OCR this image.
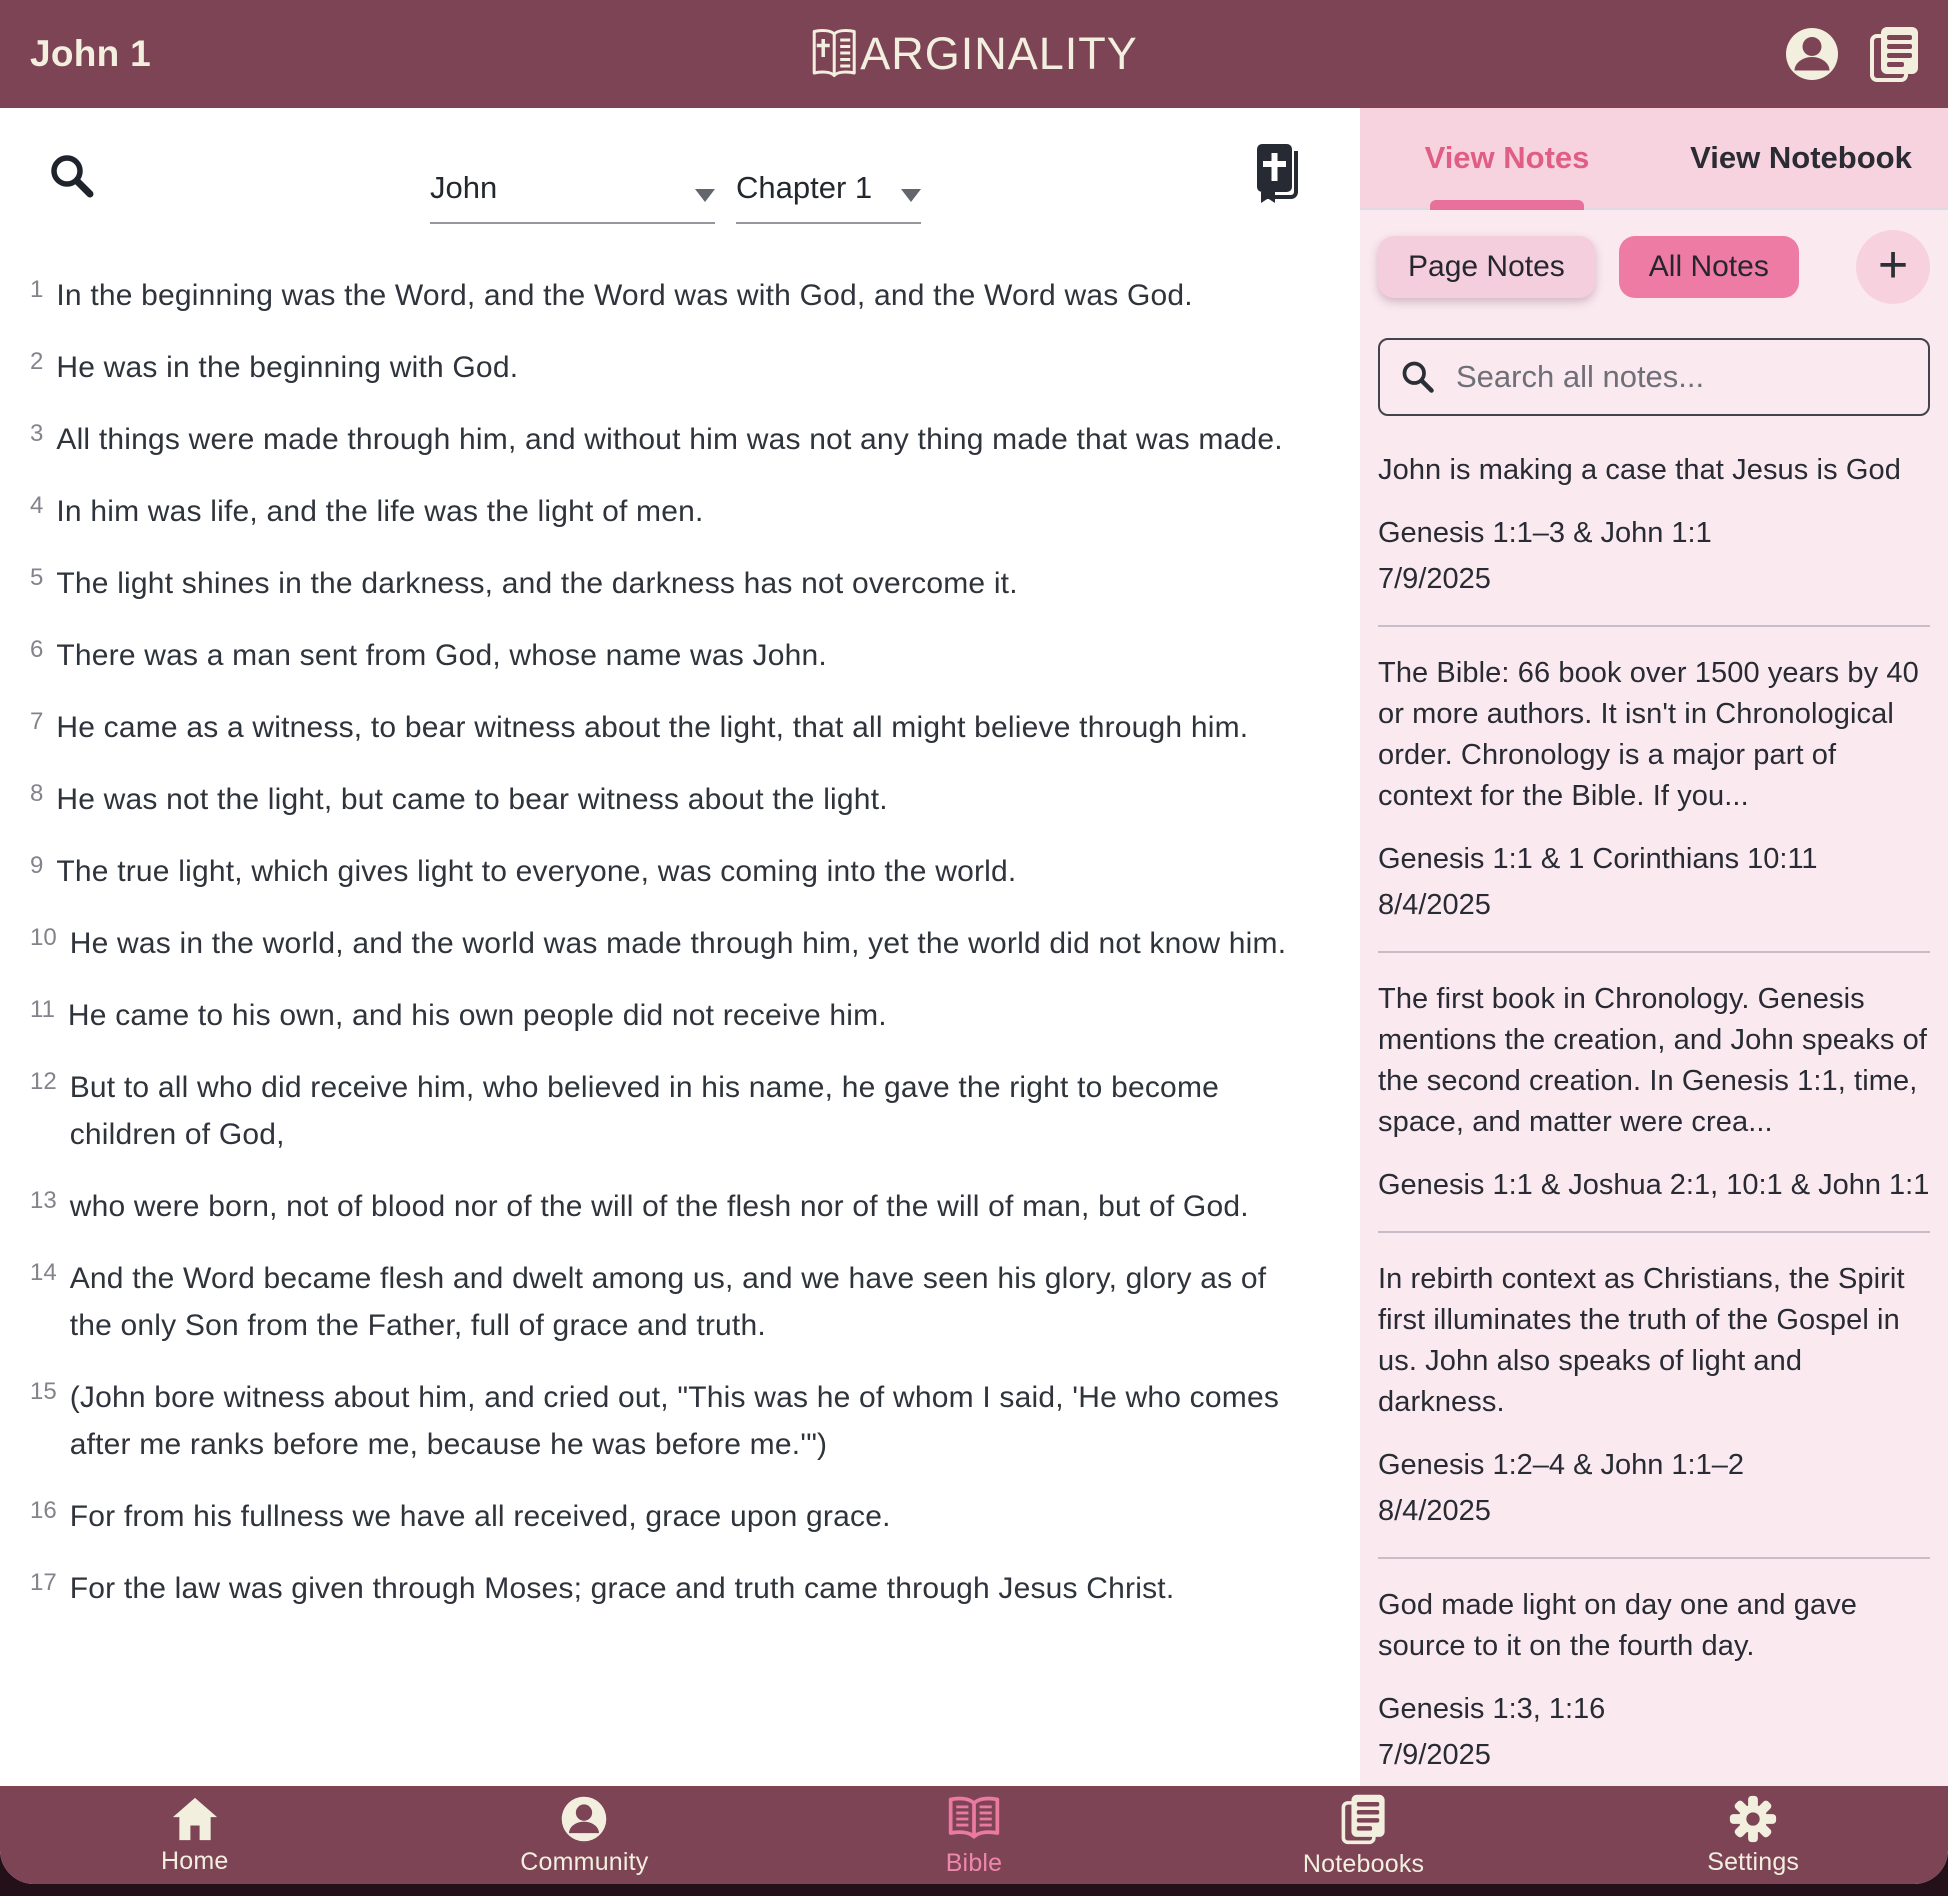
John 1	ARGINALITY
John	Chapter 1
1 In the beginning was the Word, and the Word was with God, and the Word was God.
2 He was in the beginning with God.
3 All things were made through him, and without him was not any thing made that was made.
4 In him was life, and the life was the light of men.
5 The light shines in the darkness, and the darkness has not overcome it.
6 There was a man sent from God, whose name was John.
7 He came as a witness, to bear witness about the light, that all might believe through him.
8 He was not the light, but came to bear witness about the light.
9 The true light, which gives light to everyone, was coming into the world.
10 He was in the world, and the world was made through him, yet the world did not know him.
11 He came to his own, and his own people did not receive him.
12 But to all who did receive him, who believed in his name, he gave the right to become children of God,
13 who were born, not of blood nor of the will of the flesh nor of the will of man, but of God.
14 And the Word became flesh and dwelt among us, and we have seen his glory, glory as of the only Son from the Father, full of grace and truth.
15 (John bore witness about him, and cried out, "This was he of whom I said, 'He who comes after me ranks before me, because he was before me.'")
16 For from his fullness we have all received, grace upon grace.
17 For the law was given through Moses; grace and truth came through Jesus Christ.
View Notes	View Notebook
Page Notes	All Notes	+
Search all notes...
John is making a case that Jesus is God
Genesis 1:1–3 & John 1:1
7/9/2025
The Bible: 66 book over 1500 years by 40 or more authors. It isn't in Chronological order. Chronology is a major part of context for the Bible. If you...
Genesis 1:1 & 1 Corinthians 10:11
8/4/2025
The first book in Chronology. Genesis mentions the creation, and John speaks of the second creation. In Genesis 1:1, time, space, and matter were crea...
Genesis 1:1 & Joshua 2:1, 10:1 & John 1:1
In rebirth context as Christians, the Spirit first illuminates the truth of the Gospel in us. John also speaks of light and darkness.
Genesis 1:2–4 & John 1:1–2
8/4/2025
God made light on day one and gave source to it on the fourth day.
Genesis 1:3, 1:16
7/9/2025
Home	Community	Bible	Notebooks	Settings
